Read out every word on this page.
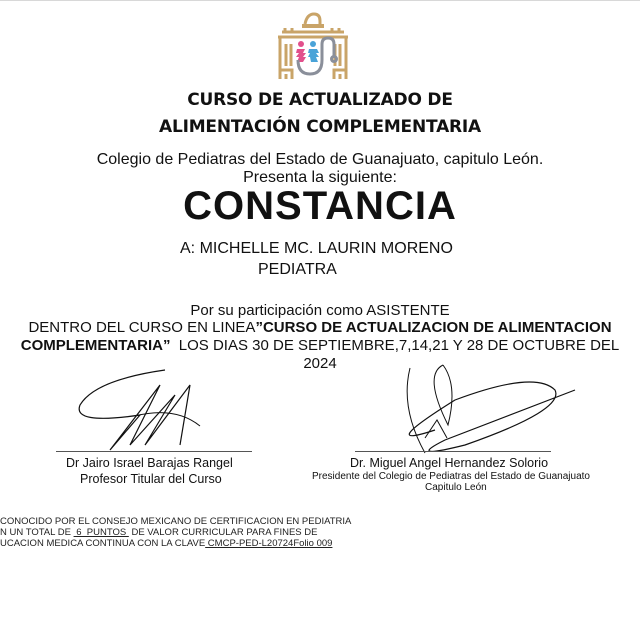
CURSO DE ACTUALIZADO DE
ALIMENTACIÓN COMPLEMENTARIA
Colegio de Pediatras del Estado de Guanajuato, capitulo León.
Presenta la siguiente:
CONSTANCIA
A: MICHELLE MC. LAURIN MORENO
PEDIATRA
Por su participación como ASISTENTE
DENTRO DEL CURSO EN LINEA”CURSO DE ACTUALIZACION DE ALIMENTACION
COMPLEMENTARIA”  LOS DIAS 30 DE SEPTIEMBRE,7,14,21 Y 28 DE OCTUBRE DEL
2024
Dr Jairo Israel Barajas Rangel
Profesor Titular del Curso
Dr. Miguel Angel Hernandez Solorio
Presidente del Colegio de Pediatras del Estado de Guanajuato
Capitulo León
CONOCIDO POR EL CONSEJO MEXICANO DE CERTIFICACION EN PEDIATRIA
N UN TOTAL DE  6  PUNTOS  DE VALOR CURRICULAR PARA FINES DE
UCACION MEDICA CONTINUA CON LA CLAVE CMCP-PED-L20724Folio 009
